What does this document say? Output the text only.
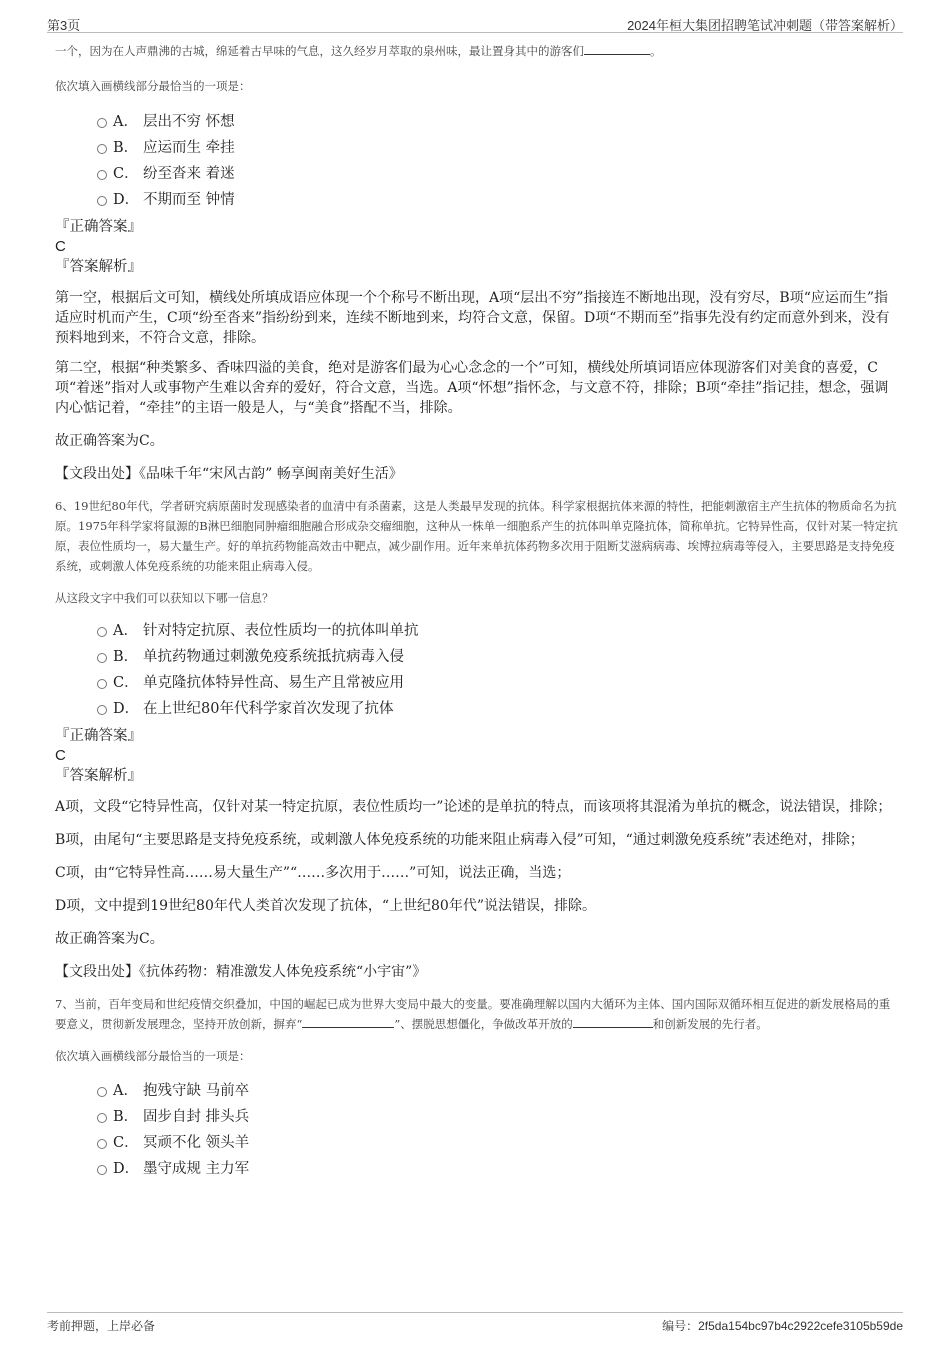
第3页	2024年桓大集团招聘笔试冲刺题（带答案解析）

一个，因为在人声鼎沸的古城，绵延着古早味的气息，这久经岁月萃取的泉州味，最让置身其中的游客们	。

依次填入画横线部分最恰当的一项是：

A． 层出不穷 怀想
B． 应运而生 牵挂
C． 纷至沓来 着迷
D． 不期而至 钟情

『正确答案』

C

『答案解析』

第一空，根据后文可知，横线处所填成语应体现一个个称号不断出现，A项“层出不穷”指接连不断地出现，没有穷尽，B项“应运而生”指适应时机而产生，C项“纷至沓来”指纷纷到来，连续不断地到来，均符合文意，保留。D项“不期而至”指事先没有约定而意外到来，没有预料地到来，不符合文意，排除。

第二空，根据“种类繁多、香味四溢的美食，绝对是游客们最为心心念念的一个”可知，横线处所填词语应体现游客们对美食的喜爱，C项“着迷”指对人或事物产生难以舍弃的爱好，符合文意，当选。A项“怀想”指怀念，与文意不符，排除；B项“牵挂”指记挂，想念，强调内心惦记着，“牵挂”的主语一般是人，与“美食”搭配不当，排除。

故正确答案为C。

【文段出处】《品味千年“宋风古韵” 畅享闽南美好生活》

6、19世纪80年代，学者研究病原菌时发现感染者的血清中有杀菌素，这是人类最早发现的抗体。科学家根据抗体来源的特性，把能刺激宿主产生抗体的物质命名为抗原。1975年科学家将鼠源的B淋巴细胞同肿瘤细胞融合形成杂交瘤细胞，这种从一株单一细胞系产生的抗体叫单克隆抗体，简称单抗。它特异性高，仅针对某一特定抗原，表位性质均一，易大量生产。好的单抗药物能高效击中靶点，减少副作用。近年来单抗体药物多次用于阻断艾滋病病毒、埃博拉病毒等侵入，主要思路是支持免疫系统，或刺激人体免疫系统的功能来阻止病毒入侵。

从这段文字中我们可以获知以下哪一信息？

A． 针对特定抗原、表位性质均一的抗体叫单抗
B． 单抗药物通过刺激免疫系统抵抗病毒入侵
C． 单克隆抗体特异性高、易生产且常被应用
D． 在上世纪80年代科学家首次发现了抗体

『正确答案』

C

『答案解析』

A项，文段“它特异性高，仅针对某一特定抗原，表位性质均一”论述的是单抗的特点，而该项将其混淆为单抗的概念，说法错误，排除；

B项，由尾句“主要思路是支持免疫系统，或刺激人体免疫系统的功能来阻止病毒入侵”可知，“通过刺激免疫系统”表述绝对，排除；

C项，由“它特异性高……易大量生产”“……多次用于……”可知，说法正确，当选；

D项，文中提到19世纪80年代人类首次发现了抗体，“上世纪80年代”说法错误，排除。

故正确答案为C。

【文段出处】《抗体药物：精准激发人体免疫系统“小宇宙”》

7、当前，百年变局和世纪疫情交织叠加，中国的崛起已成为世界大变局中最大的变量。要准确理解以国内大循环为主体、国内国际双循环相互促进的新发展格局的重要意义，贯彻新发展理念，坚持开放创新，摒弃“	”、摆脱思想僵化，争做改革开放的	和创新发展的先行者。

依次填入画横线部分最恰当的一项是：

A． 抱残守缺 马前卒
B． 固步自封 排头兵
C． 冥顽不化 领头羊
D． 墨守成规 主力军
考前押题，上岸必备	编号：2f5da154bc97b4c2922cefe3105b59de
